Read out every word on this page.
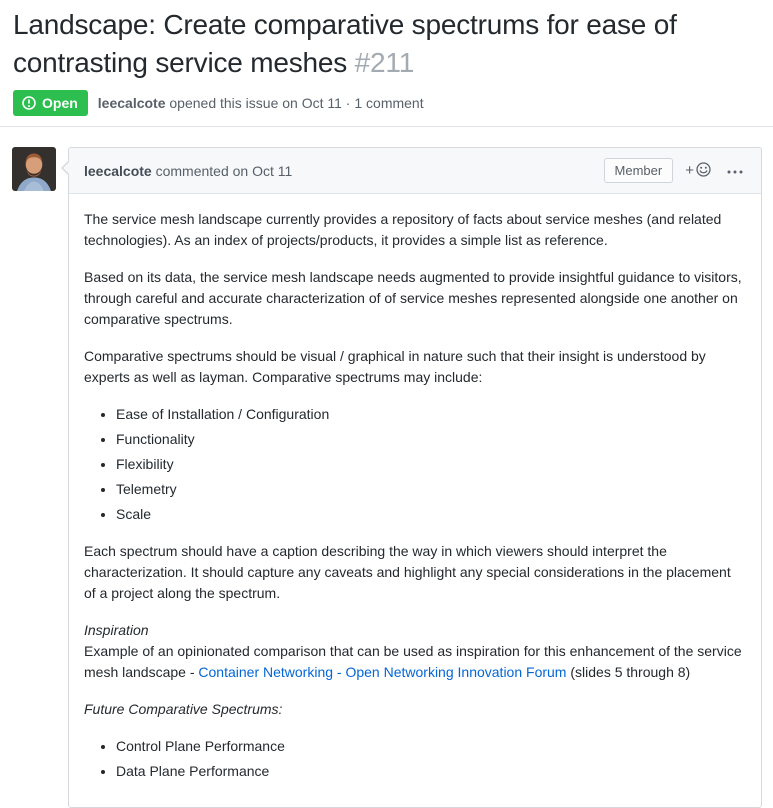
Landscape: Create comparative spectrums for ease of contrasting service meshes #211
Open leecalcote opened this issue on Oct 11 · 1 comment
leecalcote commented on Oct 11	Member	+

The service mesh landscape currently provides a repository of facts about service meshes (and related technologies). As an index of projects/products, it provides a simple list as reference.

Based on its data, the service mesh landscape needs augmented to provide insightful guidance to visitors, through careful and accurate characterization of of service meshes represented alongside one another on comparative spectrums.

Comparative spectrums should be visual / graphical in nature such that their insight is understood by experts as well as layman. Comparative spectrums may include:

• Ease of Installation / Configuration
• Functionality
• Flexibility
• Telemetry
• Scale

Each spectrum should have a caption describing the way in which viewers should interpret the characterization. It should capture any caveats and highlight any special considerations in the placement of a project along the spectrum.

Inspiration
Example of an opinionated comparison that can be used as inspiration for this enhancement of the service mesh landscape - Container Networking - Open Networking Innovation Forum (slides 5 through 8)

Future Comparative Spectrums:

• Control Plane Performance
• Data Plane Performance
